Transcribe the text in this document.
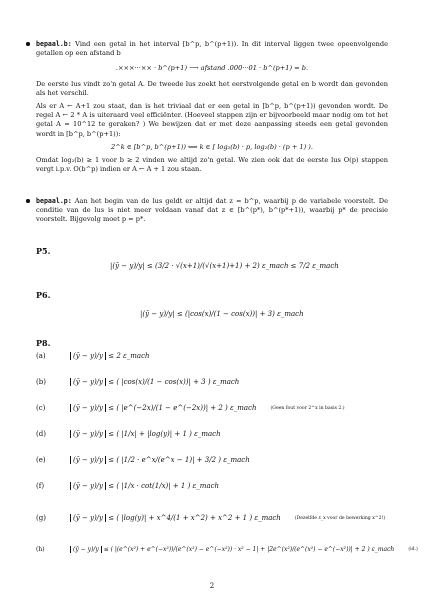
bepaal.b: Vind een getal in het interval [b^p, b^(p+1)). In dit interval liggen twee opeenvolgende getallen op een afstand b
.×××···×× · b^(p+1) ⟶ afstand .000···01 · b^(p+1) = b.
De eerste lus vindt zo'n getal A. De tweede lus zoekt het eerstvolgende getal en b wordt dan gevonden als het verschil.
Als er A ← A+1 zou staat, dan is het triviaal dat er een getal in [b^p, b^(p+1)) gevonden wordt. De regel A ← 2 * A is uiteraard veel efficiënter. (Hoeveel stappen zijn er bijvoorbeeld maar nodig om tot het getal A = 10^12 te geraken? ) We bewijzen dat er met deze aanpassing steeds een getal gevonden wordt in [b^p, b^(p+1)):
2^k ∈ [b^p, b^(p+1)) ⟺ k ∈ [ log₂(b) · p, log₂(b) · (p + 1) ).
Omdat log₂(b) ≥ 1 voor b ≥ 2 vinden we altijd zo'n getal. We zien ook dat de eerste lus O(p) stappen vergt i.p.v. O(b^p) indien er A ← A + 1 zou staan.
bepaal.p: Aan het begin van de lus geldt er altijd dat z = b^p, waarbij p de variabele voorstelt. De conditie van de lus is niet meer voldaan vanaf dat z ∈ [b^(p*), b^(p*+1)), waarbij p* de precisie voorstelt. Bijgevolg moet p = p*.
P5.
|(ȳ − y)/y| ≤ (3/2 · √(x+1)/(√(x+1)+1) + 2) ε_mach ≤ 7/2 ε_mach
P6.
|(ȳ − y)/y| ≤ (|cos(x)/(1 − cos(x))| + 3) ε_mach
P8.
(a)	(ȳ − y)/y ≤ 2 ε_mach
(b)	(ȳ − y)/y ≤ ( |cos(x)/(1 − cos(x))| + 3 ) ε_mach
(c)	(ȳ − y)/y ≤ ( |e^(−2x)/(1 − e^(−2x))| + 2 ) ε_mach	(Geen fout voor 2^x in basis 2.)
(d)	(ȳ − y)/y ≤ ( |1/x| + |log(y)| + 1 ) ε_mach
(e)	(ȳ − y)/y ≤ ( |1/2 · e^x/(e^x − 1)| + 3/2 ) ε_mach
(f)	(ȳ − y)/y ≤ ( |1/x · cot(1/x)| + 1 ) ε_mach
(g)	(ȳ − y)/y ≤ ( |log(y)| + x^4/(1 + x^2) + x^2 + 1 ) ε_mach	(Dezelfde ε_x voor de bewerking x^2!)
(h)	(ȳ − y)/y ≤ ( |(e^(x²) + e^(−x²))/(e^(x²) − e^(−x²)) · x² − 1| + |2e^(x²)/(e^(x²) − e^(−x²))| + 2 ) ε_mach	(id.)
2
